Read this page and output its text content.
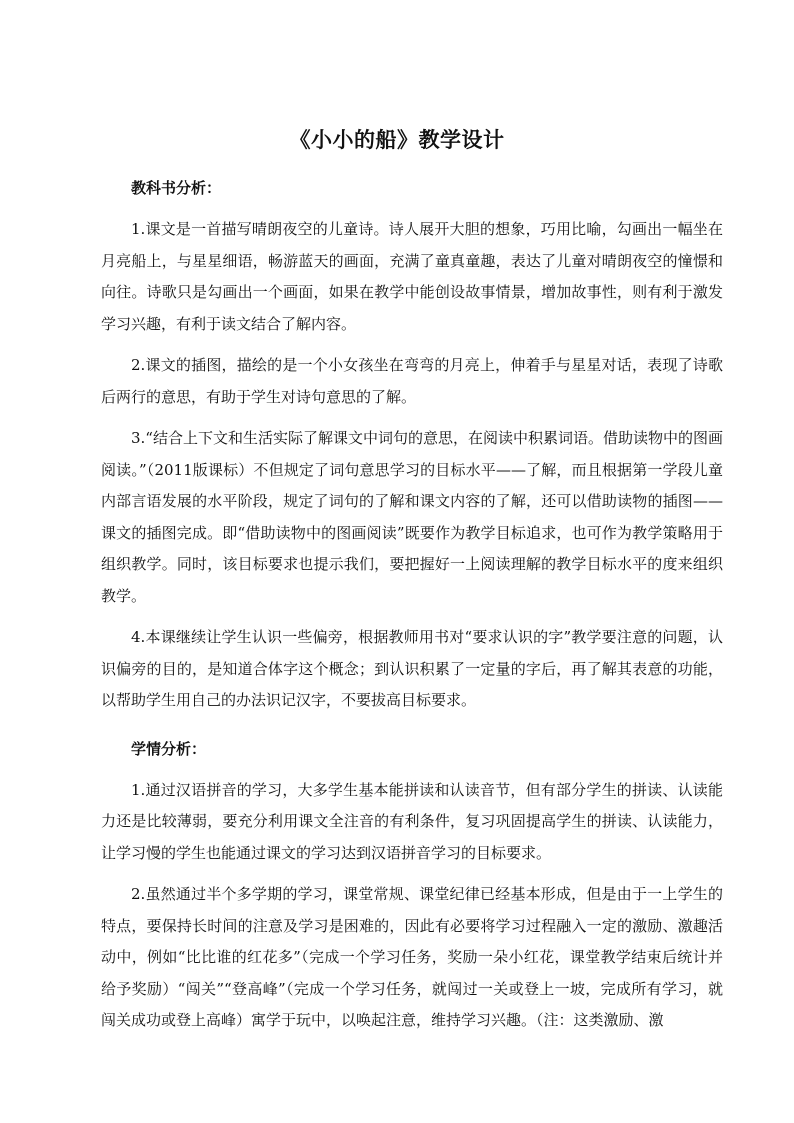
《小小的船》教学设计
教科书分析：

1.课文是一首描写晴朗夜空的儿童诗。诗人展开大胆的想象，巧用比喻，勾画出一幅坐在月亮船上，与星星细语，畅游蓝天的画面，充满了童真童趣，表达了儿童对晴朗夜空的憧憬和向往。诗歌只是勾画出一个画面，如果在教学中能创设故事情景，增加故事性，则有利于激发学习兴趣，有利于读文结合了解内容。

2.课文的插图，描绘的是一个小女孩坐在弯弯的月亮上，伸着手与星星对话，表现了诗歌后两行的意思，有助于学生对诗句意思的了解。

3.“结合上下文和生活实际了解课文中词句的意思，在阅读中积累词语。借助读物中的图画阅读。”（2011版课标）不但规定了词句意思学习的目标水平——了解，而且根据第一学段儿童内部言语发展的水平阶段，规定了词句的了解和课文内容的了解，还可以借助读物的插图——课文的插图完成。即“借助读物中的图画阅读”既要作为教学目标追求，也可作为教学策略用于组织教学。同时，该目标要求也提示我们，要把握好一上阅读理解的教学目标水平的度来组织教学。

4.本课继续让学生认识一些偏旁，根据教师用书对“要求认识的字”教学要注意的问题，认识偏旁的目的，是知道合体字这个概念；到认识积累了一定量的字后，再了解其表意的功能，以帮助学生用自己的办法识记汉字，不要拔高目标要求。

学情分析：

1.通过汉语拼音的学习，大多学生基本能拼读和认读音节，但有部分学生的拼读、认读能力还是比较薄弱，要充分利用课文全注音的有利条件，复习巩固提高学生的拼读、认读能力，让学习慢的学生也能通过课文的学习达到汉语拼音学习的目标要求。

2.虽然通过半个多学期的学习，课堂常规、课堂纪律已经基本形成，但是由于一上学生的特点，要保持长时间的注意及学习是困难的，因此有必要将学习过程融入一定的激励、激趣活动中，例如“比比谁的红花多”（完成一个学习任务，奖励一朵小红花，课堂教学结束后统计并给予奖励）“闯关”“登高峰”（完成一个学习任务，就闯过一关或登上一坡，完成所有学习，就闯关成功或登上高峰）寓学于玩中，以唤起注意，维持学习兴趣。（注：这类激励、激
